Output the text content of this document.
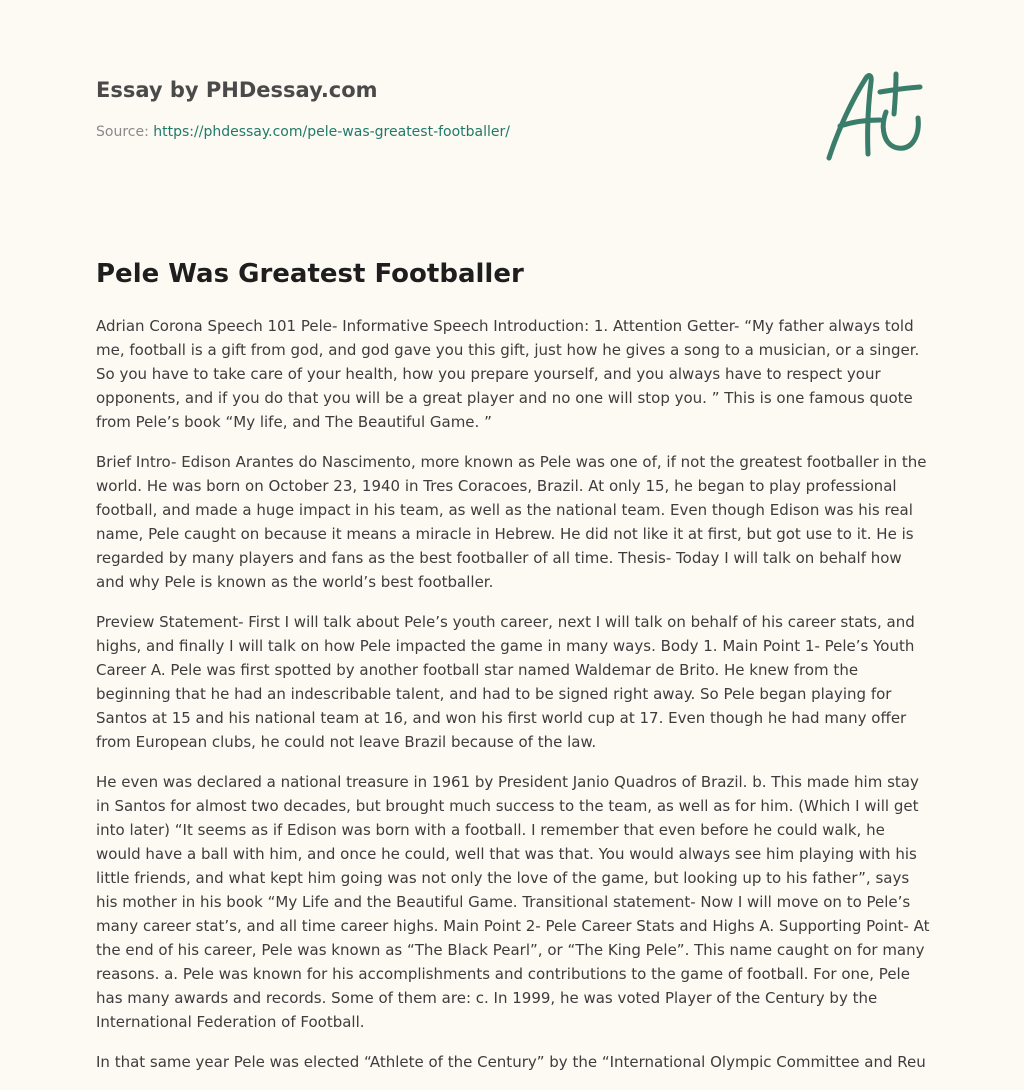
Essay by PHDessay.com
Source: https://phdessay.com/pele-was-greatest-footballer/
Pele Was Greatest Footballer

Adrian Corona Speech 101 Pele- Informative Speech Introduction: 1. Attention Getter- “My father always told me, football is a gift from god, and god gave you this gift, just how he gives a song to a musician, or a singer. So you have to take care of your health, how you prepare yourself, and you always have to respect your opponents, and if you do that you will be a great player and no one will stop you. ” This is one famous quote from Pele’s book “My life, and The Beautiful Game. ”

Brief Intro- Edison Arantes do Nascimento, more known as Pele was one of, if not the greatest footballer in the world. He was born on October 23, 1940 in Tres Coracoes, Brazil. At only 15, he began to play professional football, and made a huge impact in his team, as well as the national team. Even though Edison was his real name, Pele caught on because it means a miracle in Hebrew. He did not like it at first, but got use to it. He is regarded by many players and fans as the best footballer of all time. Thesis- Today I will talk on behalf how and why Pele is known as the world’s best footballer.

Preview Statement- First I will talk about Pele’s youth career, next I will talk on behalf of his career stats, and highs, and finally I will talk on how Pele impacted the game in many ways. Body 1. Main Point 1- Pele’s Youth Career A. Pele was first spotted by another football star named Waldemar de Brito. He knew from the beginning that he had an indescribable talent, and had to be signed right away. So Pele began playing for Santos at 15 and his national team at 16, and won his first world cup at 17. Even though he had many offer from European clubs, he could not leave Brazil because of the law.

He even was declared a national treasure in 1961 by President Janio Quadros of Brazil. b. This made him stay in Santos for almost two decades, but brought much success to the team, as well as for him. (Which I will get into later) “It seems as if Edison was born with a football. I remember that even before he could walk, he would have a ball with him, and once he could, well that was that. You would always see him playing with his little friends, and what kept him going was not only the love of the game, but looking up to his father”, says his mother in his book “My Life and the Beautiful Game. Transitional statement- Now I will move on to Pele’s many career stat’s, and all time career highs. Main Point 2- Pele Career Stats and Highs A. Supporting Point- At the end of his career, Pele was known as “The Black Pearl”, or “The King Pele”. This name caught on for many reasons. a. Pele was known for his accomplishments and contributions to the game of football. For one, Pele has many awards and records. Some of them are: c. In 1999, he was voted Player of the Century by the International Federation of Football.

In that same year Pele was elected “Athlete of the Century” by the “International Olympic Committee and Reu
